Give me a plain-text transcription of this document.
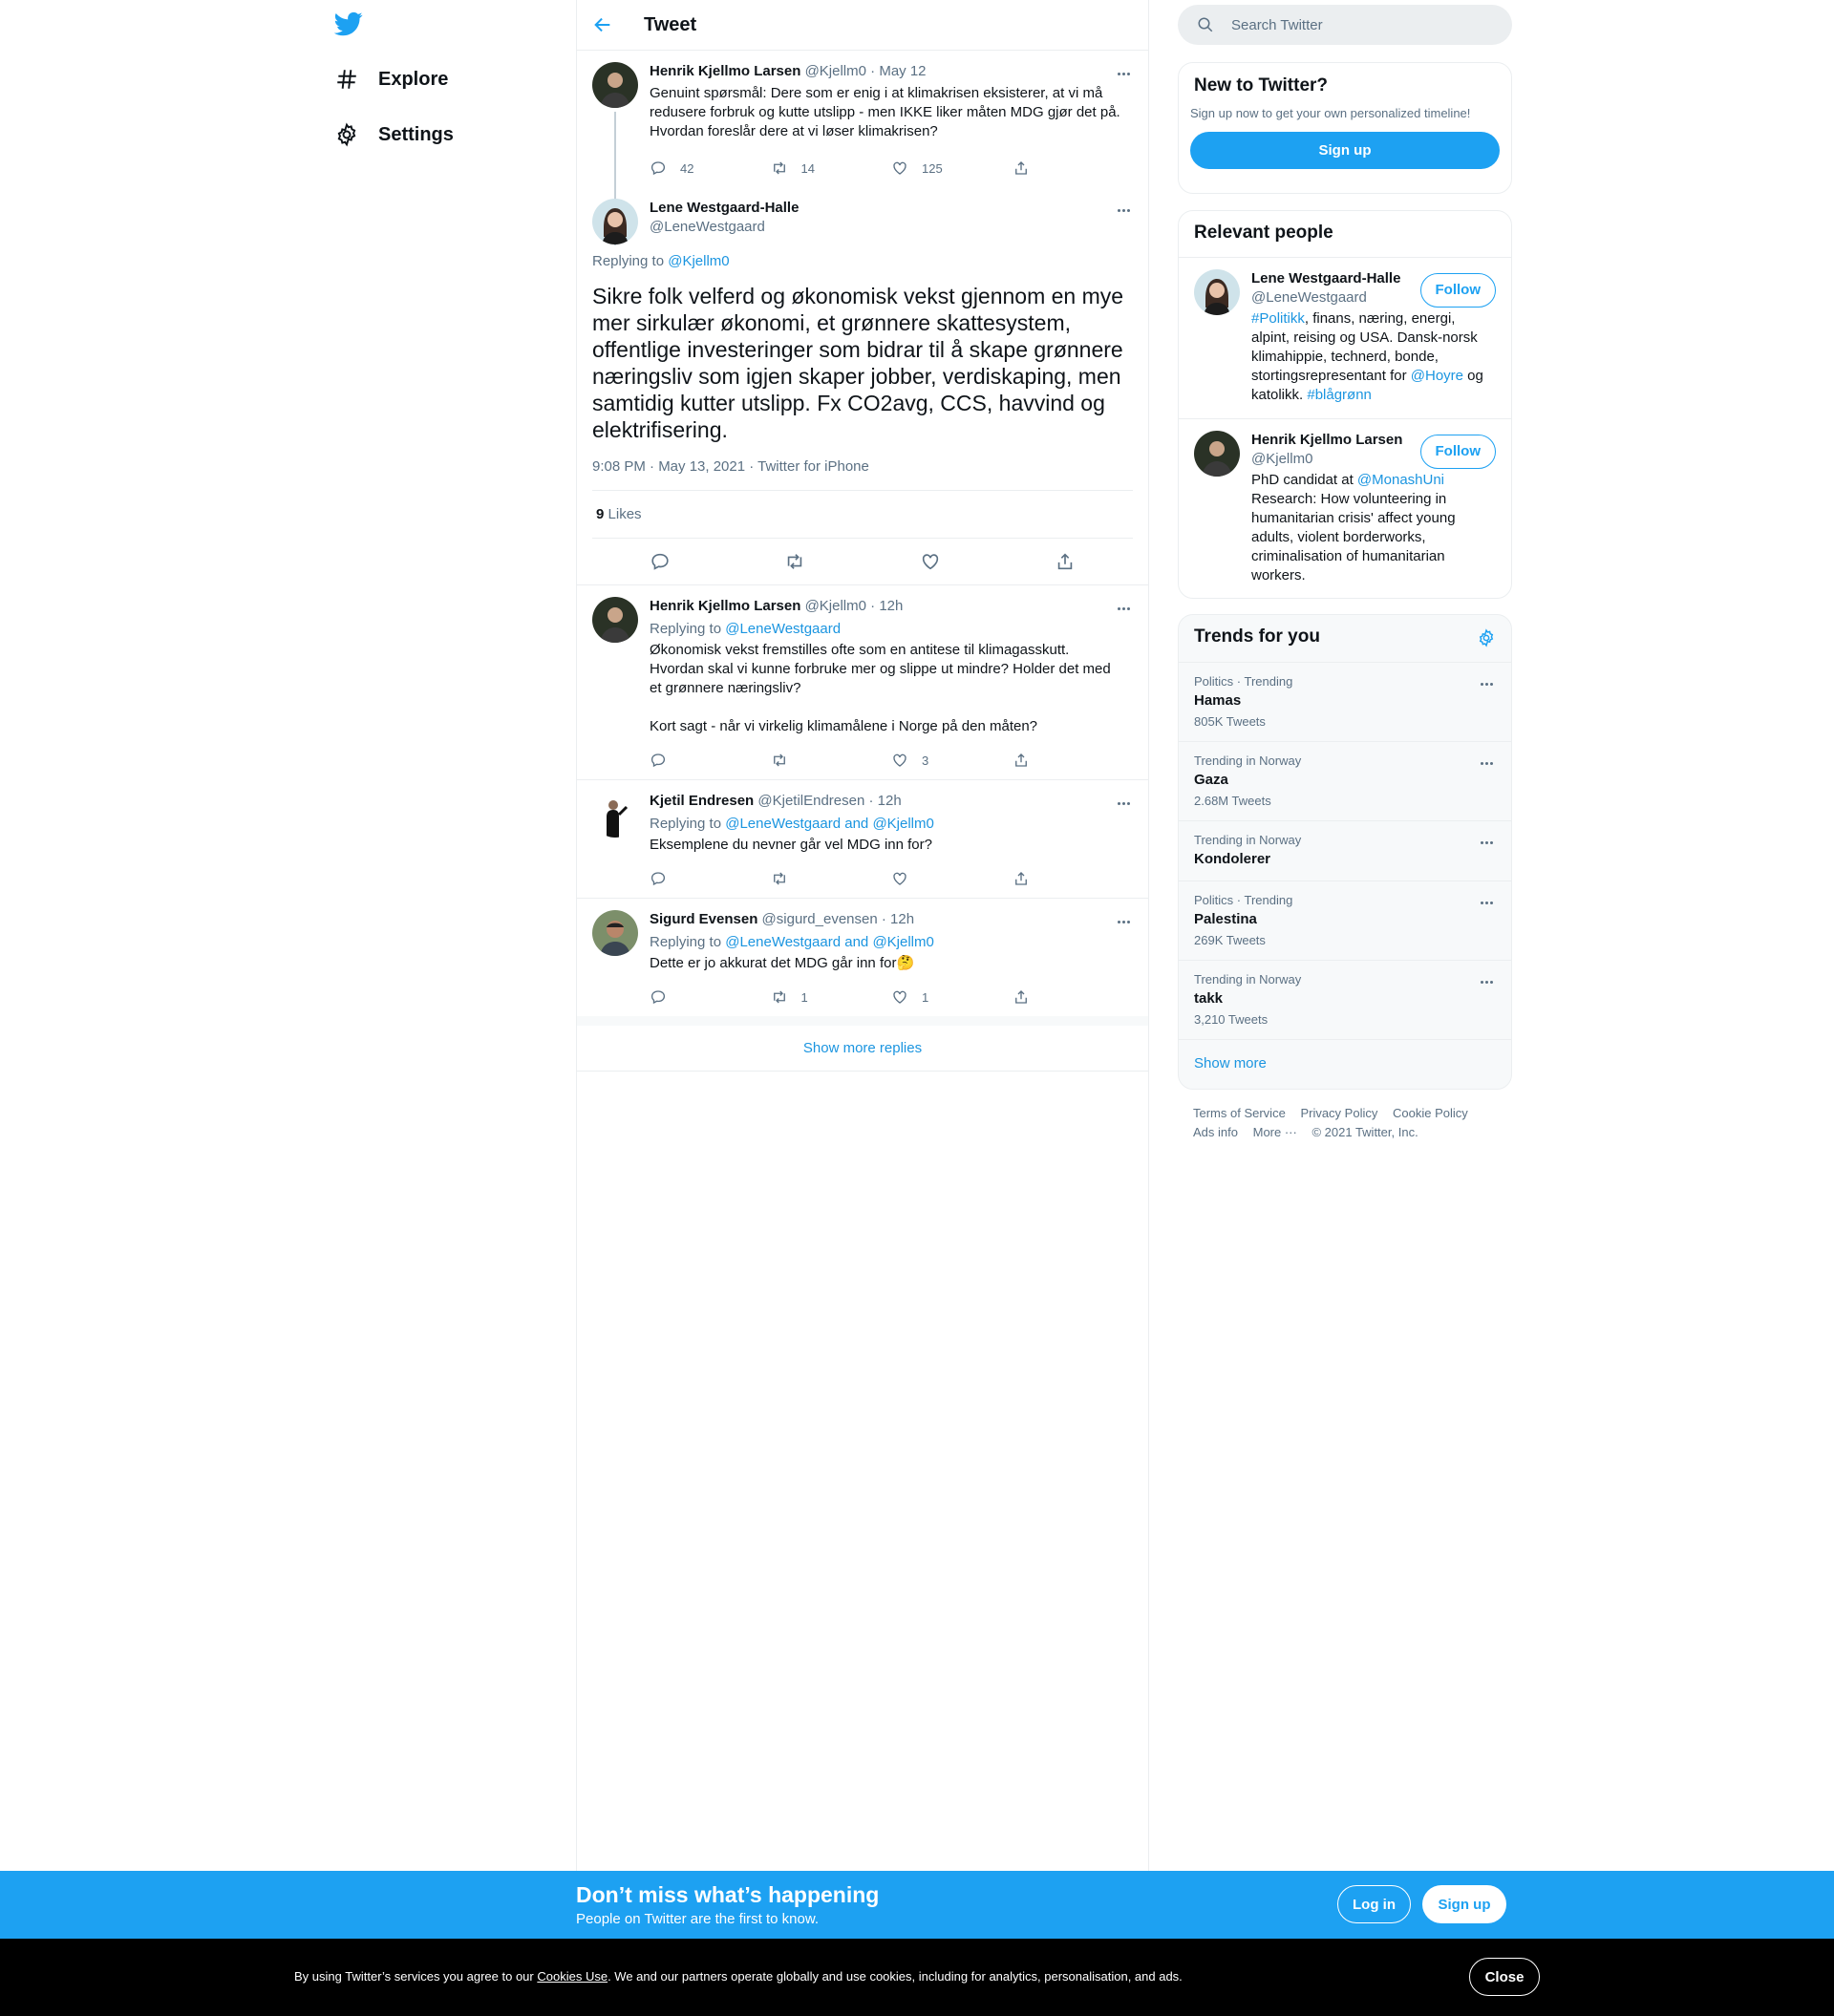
Explore
Settings
Tweet
Henrik Kjellmo Larsen @Kjellm0 · May 12
Genuint spørsmål: Dere som er enig i at klimakrisen eksisterer, at vi må redusere forbruk og kutte utslipp - men IKKE liker måten MDG gjør det på. Hvordan foreslår dere at vi løser klimakrisen?
42	14	125
Lene Westgaard-Halle
@LeneWestgaard
Replying to @Kjellm0
Sikre folk velferd og økonomisk vekst gjennom en mye mer sirkulær økonomi, et grønnere skattesystem, offentlige investeringer som bidrar til å skape grønnere næringsliv som igjen skaper jobber, verdiskaping, men samtidig kutter utslipp. Fx CO2avg, CCS, havvind og elektrifisering.
9:08 PM · May 13, 2021 · Twitter for iPhone
9 Likes
Henrik Kjellmo Larsen @Kjellm0 · 12h
Replying to @LeneWestgaard
Økonomisk vekst fremstilles ofte som en antitese til klimagasskutt. Hvordan skal vi kunne forbruke mer og slippe ut mindre? Holder det med et grønnere næringsliv?
Kort sagt - når vi virkelig klimamålene i Norge på den måten?
3
Kjetil Endresen @KjetilEndresen · 12h
Replying to @LeneWestgaard and @Kjellm0
Eksemplene du nevner går vel MDG inn for?
Sigurd Evensen @sigurd_evensen · 12h
Replying to @LeneWestgaard and @Kjellm0
Dette er jo akkurat det MDG går inn for🤔
1	1
Show more replies
Search Twitter
New to Twitter?
Sign up now to get your own personalized timeline!
Sign up
Relevant people
Lene Westgaard-Halle
@LeneWestgaard	Follow
#Politikk, finans, næring, energi, alpint, reising og USA. Dansk-norsk klimahippie, technerd, bonde, stortingsrepresentant for @Hoyre og katolikk. #blågrønn
Henrik Kjellmo Larsen
@Kjellm0	Follow
PhD candidat at @MonashUni Research: How volunteering in humanitarian crisis' affect young adults, violent borderworks, criminalisation of humanitarian workers.
Trends for you
Politics · Trending
Hamas
805K Tweets
Trending in Norway
Gaza
2.68M Tweets
Trending in Norway
Kondolerer
Politics · Trending
Palestina
269K Tweets
Trending in Norway
takk
3,210 Tweets
Show more
Terms of Service Privacy Policy Cookie Policy
Ads info More ··· © 2021 Twitter, Inc.
Don’t miss what’s happening
People on Twitter are the first to know.
Log in	Sign up
By using Twitter’s services you agree to our Cookies Use. We and our partners operate globally and use cookies, including for analytics, personalisation, and ads.	Close
